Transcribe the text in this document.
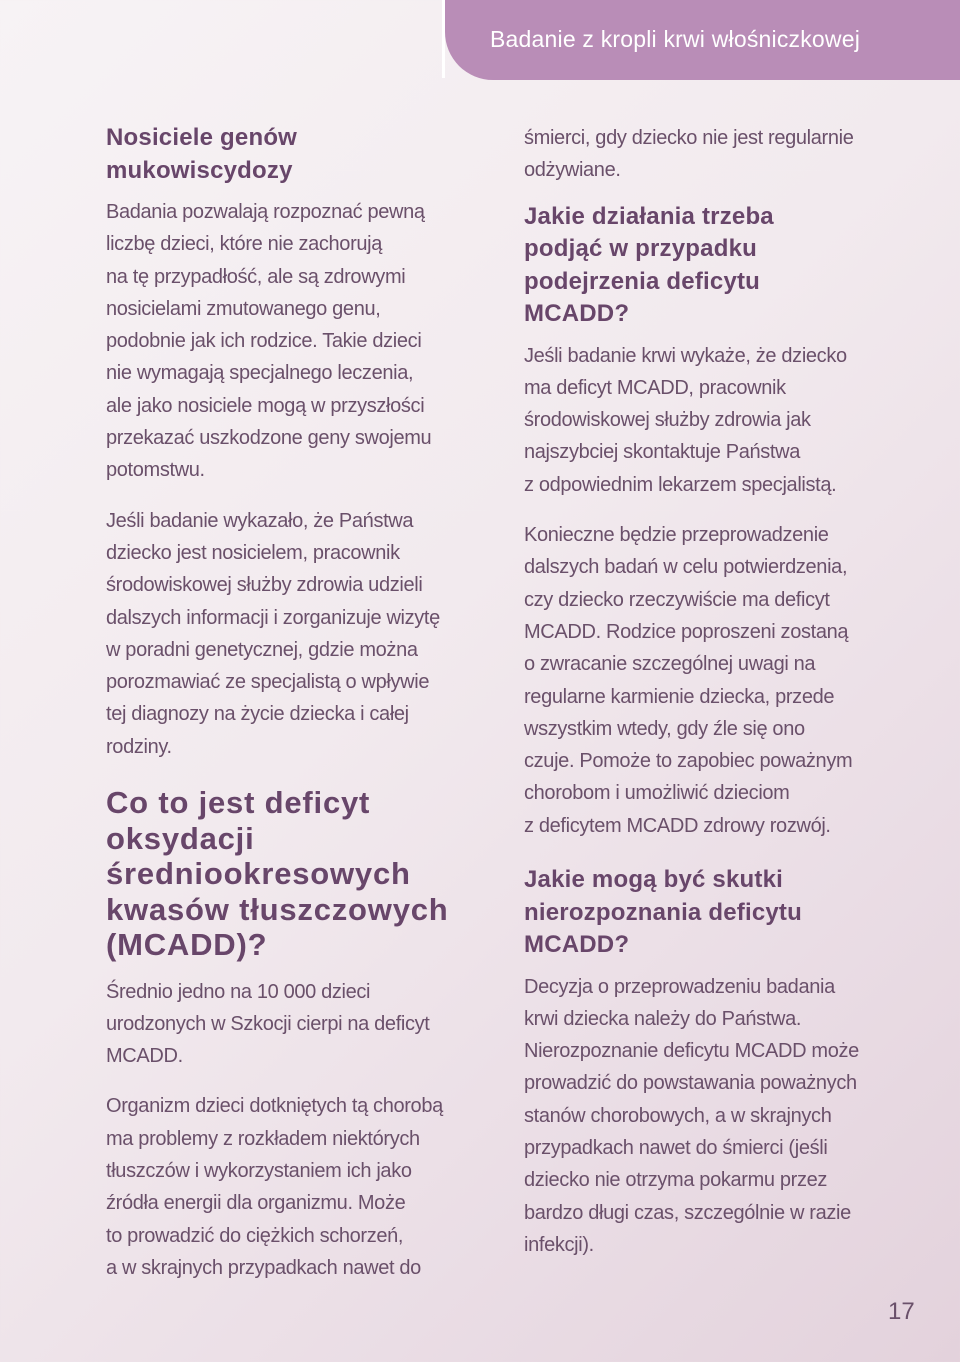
Badanie z kropli krwi włośniczkowej
Nosiciele genów
mukowiscydozy
Badania pozwalają rozpoznać pewną
liczbę dzieci, które nie zachorują
na tę przypadłość, ale są zdrowymi
nosicielami zmutowanego genu,
podobnie jak ich rodzice. Takie dzieci
nie wymagają specjalnego leczenia,
ale jako nosiciele mogą w przyszłości
przekazać uszkodzone geny swojemu
potomstwu.
Jeśli badanie wykazało, że Państwa
dziecko jest nosicielem, pracownik
środowiskowej służby zdrowia udzieli
dalszych informacji i zorganizuje wizytę
w poradni genetycznej, gdzie można
porozmawiać ze specjalistą o wpływie
tej diagnozy na życie dziecka i całej
rodziny.
Co to jest deficyt
oksydacji
średniookresowych
kwasów tłuszczowych
(MCADD)?
Średnio jedno na 10 000 dzieci
urodzonych w Szkocji cierpi na deficyt
MCADD.
Organizm dzieci dotkniętych tą chorobą
ma problemy z rozkładem niektórych
tłuszczów i wykorzystaniem ich jako
źródła energii dla organizmu. Może
to prowadzić do ciężkich schorzeń,
a w skrajnych przypadkach nawet do
śmierci, gdy dziecko nie jest regularnie
odżywiane.
Jakie działania trzeba
podjąć w przypadku
podejrzenia deficytu
MCADD?
Jeśli badanie krwi wykaże, że dziecko
ma deficyt MCADD, pracownik
środowiskowej służby zdrowia jak
najszybciej skontaktuje Państwa
z odpowiednim lekarzem specjalistą.
Konieczne będzie przeprowadzenie
dalszych badań w celu potwierdzenia,
czy dziecko rzeczywiście ma deficyt
MCADD. Rodzice poproszeni zostaną
o zwracanie szczególnej uwagi na
regularne karmienie dziecka, przede
wszystkim wtedy, gdy źle się ono
czuje. Pomoże to zapobiec poważnym
chorobom i umożliwić dzieciom
z deficytem MCADD zdrowy rozwój.
Jakie mogą być skutki
nierozpoznania deficytu
MCADD?
Decyzja o przeprowadzeniu badania
krwi dziecka należy do Państwa.
Nierozpoznanie deficytu MCADD może
prowadzić do powstawania poważnych
stanów chorobowych, a w skrajnych
przypadkach nawet do śmierci (jeśli
dziecko nie otrzyma pokarmu przez
bardzo długi czas, szczególnie w razie
infekcji).
17
